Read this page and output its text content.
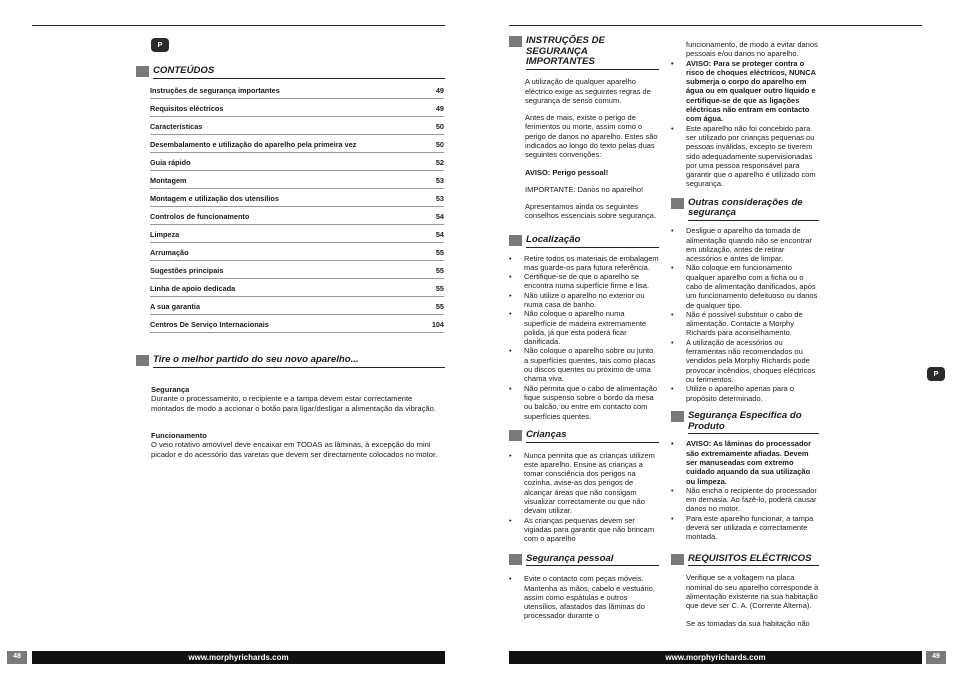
P
CONTEÚDOS
Instruções de segurança importantes	49
Requisitos eléctricos	49
Características	50
Desembalamento e utilização do aparelho pela primeira vez	50
Guia rápido	52
Montagem	53
Montagem e utilização dos utensílios	53
Controlos de funcionamento	54
Limpeza	54
Arrumação	55
Sugestões principais	55
Linha de apoio dedicada	55
A sua garantia	55
Centros De Serviço Internacionais	104
Tire o melhor partido do seu novo aparelho...
Segurança
Durante o processamento, o recipiente e a tampa devem estar correctamente montados de modo a accionar o botão para ligar/desligar a alimentação da vibração.
Funcionamento
O veio rotativo amovível deve encaixar em TODAS as lâminas, à excepção do mini picador e do acessório das varetas que devem ser directamente colocados no motor.
48	www.morphyrichards.com
INSTRUÇÕES DE SEGURANÇA IMPORTANTES

A utilização de qualquer aparelho eléctrico exige as seguintes regras de segurança de senso comum.

Antes de mais, existe o perigo de ferimentos ou morte, assim como o perigo de danos no aparelho. Estes são indicados ao longo do texto pelas duas seguintes convenções:

AVISO: Perigo pessoal!

IMPORTANTE: Danos no aparelho!

Apresentamos ainda os seguintes conselhos essenciais sobre segurança.

Localização
• Retire todos os materiais de embalagem mas guarde-os para futura referência.
• Certifique-se de que o aparelho se encontra numa superfície firme e lisa.
• Não utilize o aparelho no exterior ou numa casa de banho.
• Não coloque o aparelho numa superfície de madeira extremamente polida, já que esta poderá ficar danificada.
• Não coloque o aparelho sobre ou junto a superfícies quentes, tais como placas ou discos quentes ou próximo de uma chama viva.
• Não permita que o cabo de alimentação fique suspenso sobre o bordo da mesa ou balcão, ou entre em contacto com superfícies quentes.
Crianças
• Nunca permita que as crianças utilizem este aparelho. Ensine as crianças a tomar consciência dos perigos na cozinha, avise-as dos perigos de alcançar áreas que não consigam visualizar correctamente ou que não devam utilizar.
• As crianças pequenas devem ser vigiadas para garantir que não brincam com o aparelho
Segurança pessoal
• Evite o contacto com peças móveis. Mantenha as mãos, cabelo e vestuário, assim como espátulas e outros utensílios, afastados das lâminas do processador durante o
funcionamento, de modo a evitar danos pessoais e/ou danos no aparelho.
• AVISO: Para se proteger contra o risco de choques eléctricos, NUNCA submerja o corpo do aparelho em água ou em qualquer outro líquido e certifique-se de que as ligações eléctricas não entram em contacto com água.
• Este aparelho não foi concebido para ser utilizado por crianças pequenas ou pessoas inválidas, excepto se tiverem sido adequadamente supervisionadas por uma pessoa responsável para garantir que o aparelho é utilizado com segurança.
Outras considerações de segurança
• Desligue o aparelho da tomada de alimentação quando não se encontrar em utilização, antes de retirar acessórios e antes de limpar.
• Não coloque em funcionamento qualquer aparelho com a ficha ou o cabo de alimentação danificados, após um funcionamento defeituoso ou danos de qualquer tipo.
• Não é possível substituir o cabo de alimentação. Contacte a Morphy Richards para aconselhamento.
• A utilização de acessórios ou ferramentas não recomendados ou vendidos pela Morphy Richards pode provocar incêndios, choques eléctricos ou ferimentos.
• Utilize o aparelho apenas para o propósito determinado.
Segurança Específica do Produto
• AVISO: As lâminas do processador são extremamente afiadas. Devem ser manuseadas com extremo cuidado aquando da sua utilização ou limpeza.
• Não encha o recipiente do processador em demasia. Ao fazê-lo, poderá causar danos no motor.
• Para este aparelho funcionar, a tampa deverá ser utilizada e correctamente montada.
REQUISITOS ELÉCTRICOS

Verifique se a voltagem na placa nominal do seu aparelho corresponde à alimentação existente na sua habitação que deve ser C. A. (Corrente Alterna).

Se as tomadas da sua habitação não

P
www.morphyrichards.com	49
